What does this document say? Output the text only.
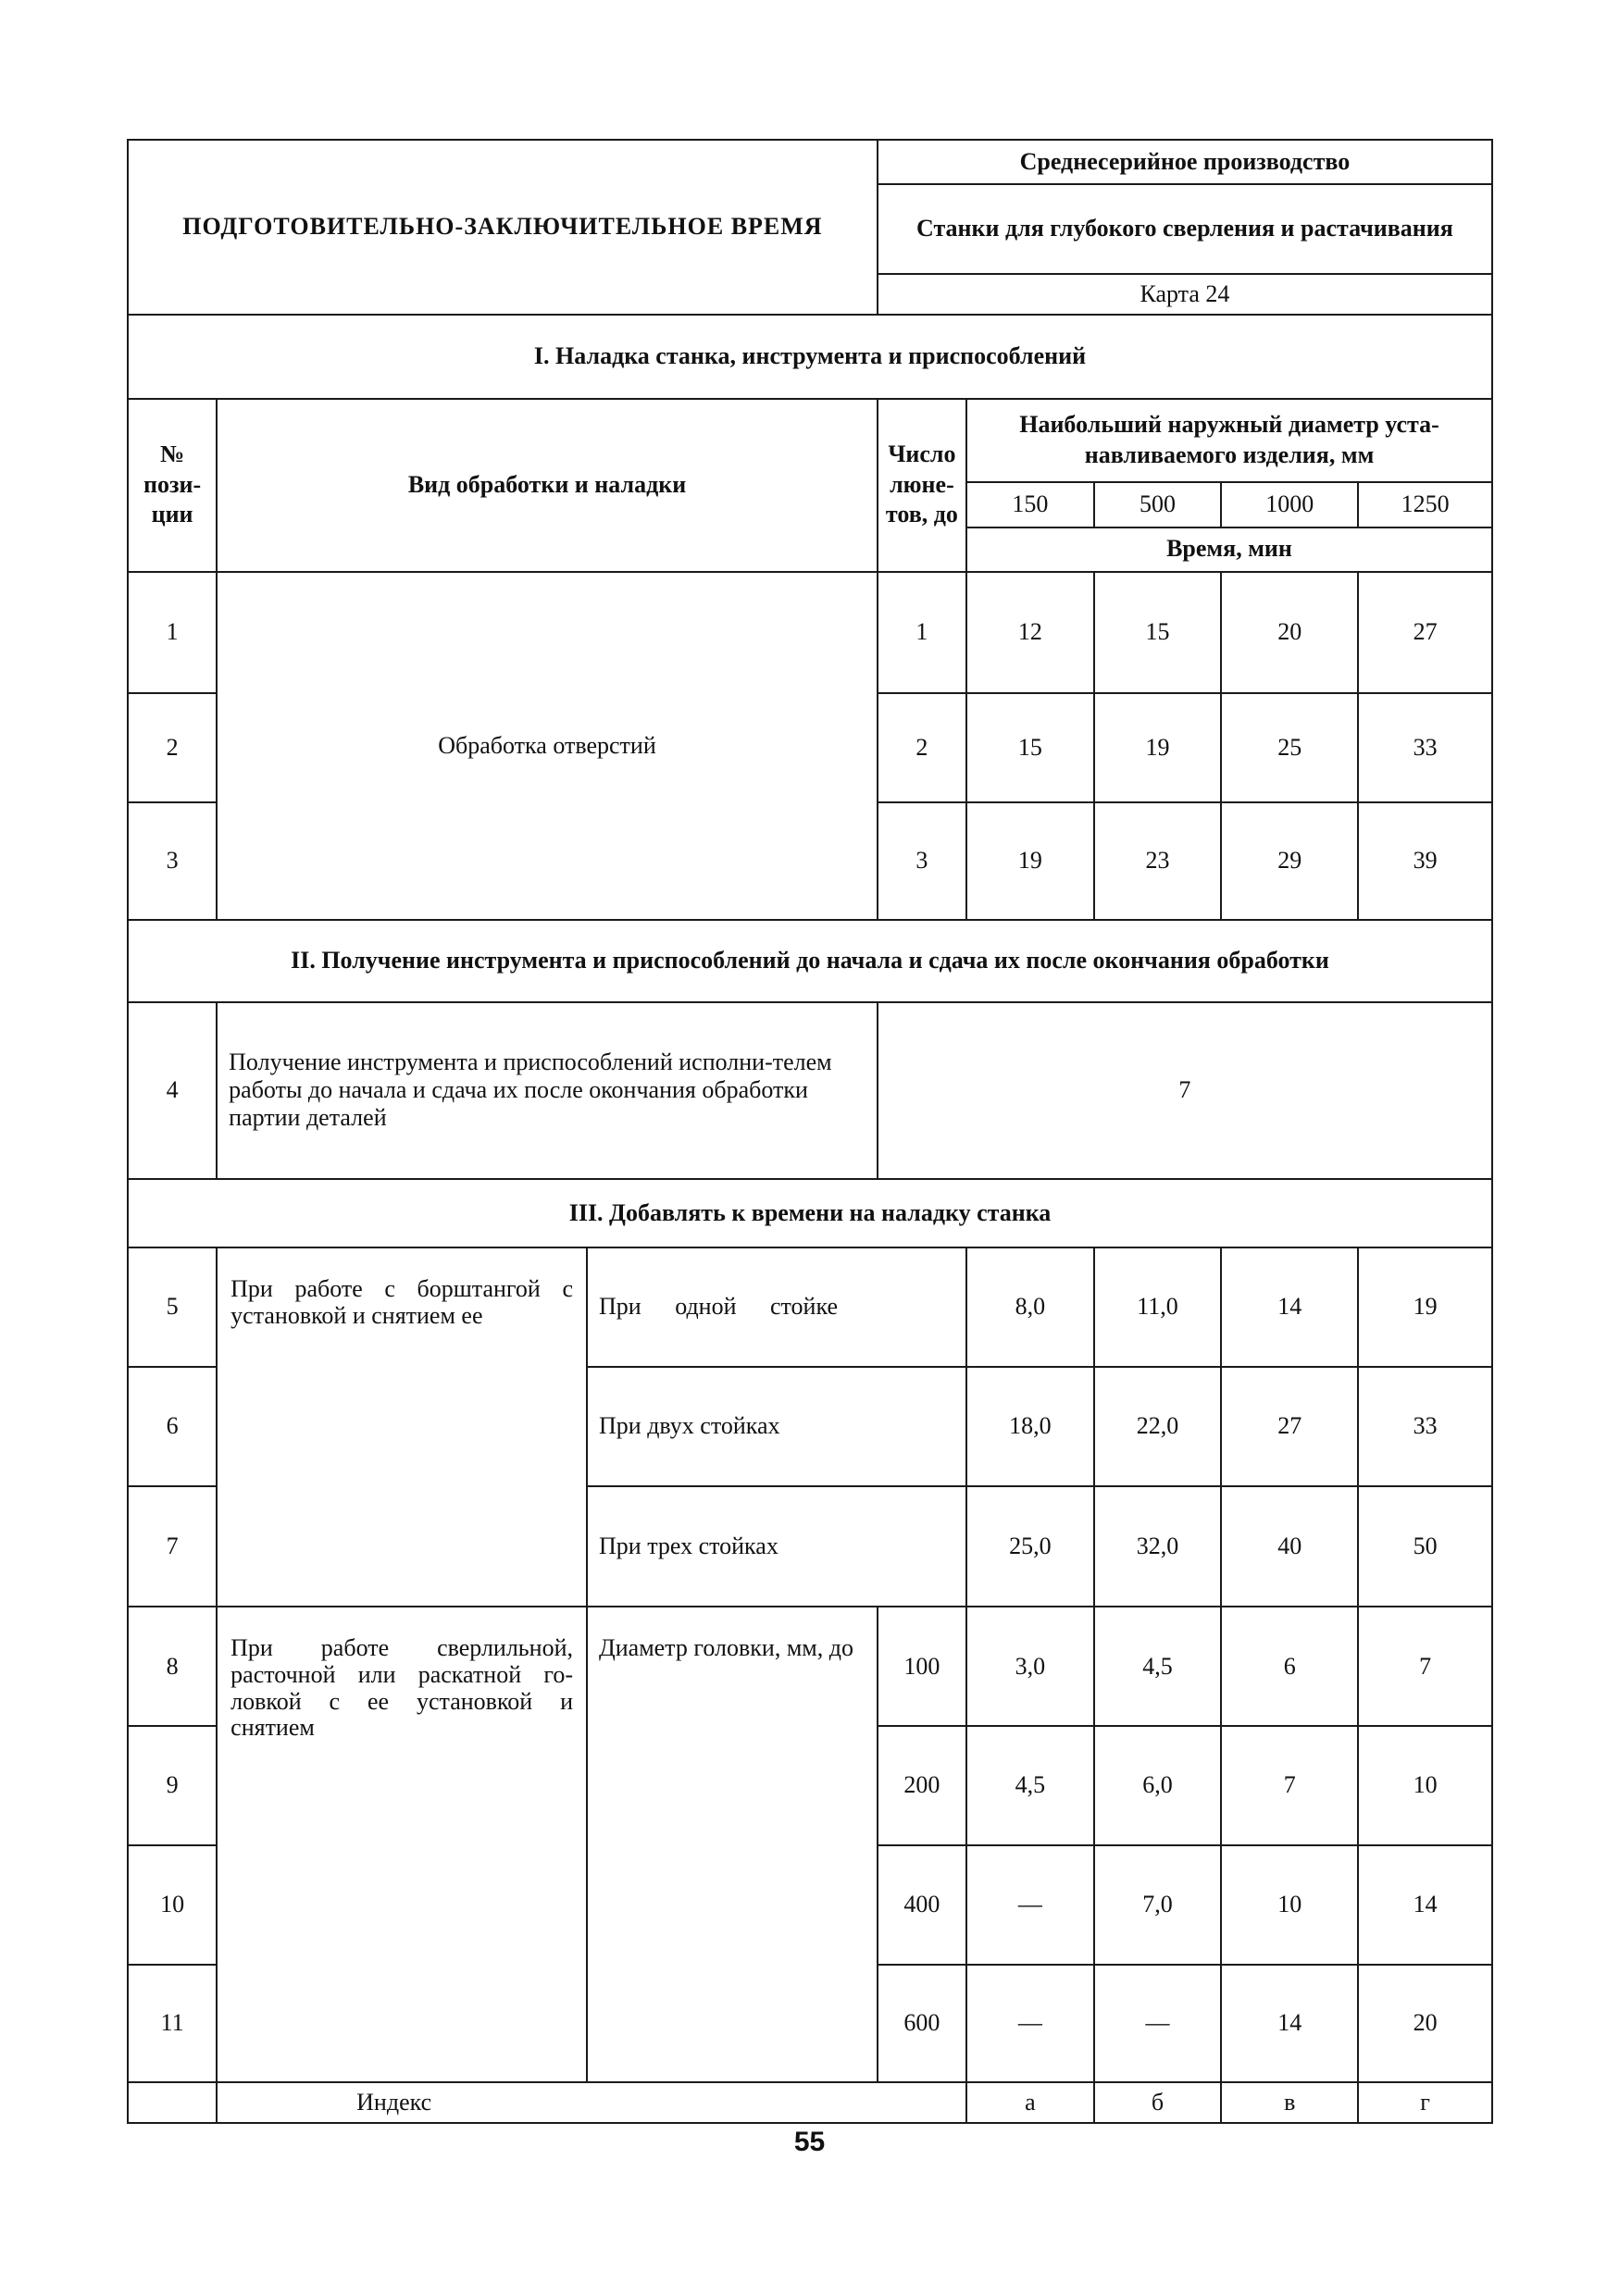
ПОДГОТОВИТЕЛЬНО-ЗАКЛЮЧИТЕЛЬНОЕ ВРЕМЯ			Среднесерийное производство				
			Станки для глубокого сверления и растачивания				
			Карта 24				
I. Наладка станка, инструмента и приспособлений							
№ пози-ции	Вид обработки и наладки		Число люне-тов, до	Наибольший наружный диаметр уста-навливаемого изделия, мм			
				150	500	1000	1250
				Время, мин			
1	Обработка отверстий		1	12	15	20	27
2			2	15	19	25	33
3			3	19	23	29	39
II. Получение инструмента и приспособлений до начала и сдача их после окончания обработки							
4	Получение инструмента и приспособлений исполни-телем работы до начала и сдача их после окончания обработки партии деталей		7				
III. Добавлять к времени на наладку станка							
5	При работе с борштангой с установкой и снятием ее	При одной стойке		8,0	11,0	14	19
6		При двух стойках		18,0	22,0	27	33
7		При трех стойках		25,0	32,0	40	50
8	При работе сверлильной, расточной или раскатной го-ловкой с ее установкой и снятием	Диаметр головки, мм, до	100	3,0	4,5	6	7
9			200	4,5	6,0	7	10
10			400	—	7,0	10	14
11			600	—	—	14	20
	Индекс			а	б	в	г
55
